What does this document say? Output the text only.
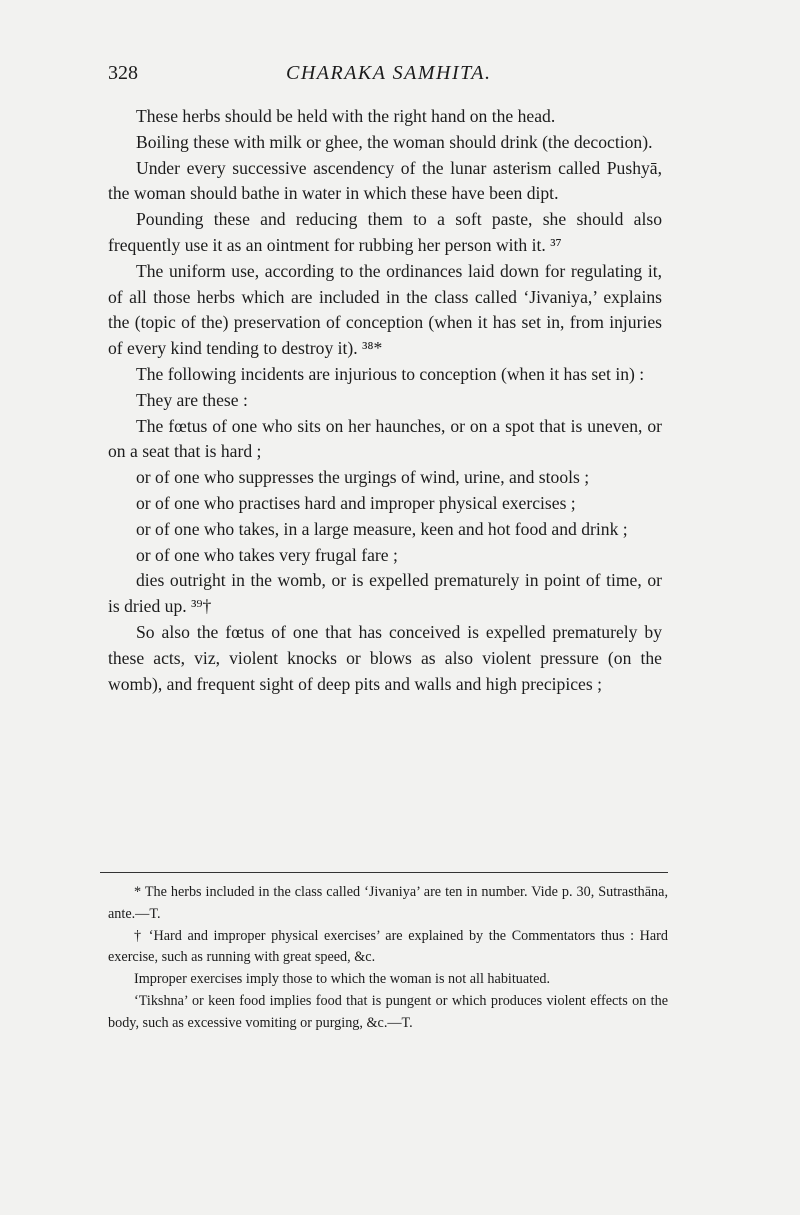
328	CHARAKA SAMHITA.

These herbs should be held with the right hand on the head.

Boiling these with milk or ghee, the woman should drink (the decoction).

Under every successive ascendency of the lunar asterism called Pushyā, the woman should bathe in water in which these have been dipt.

Pounding these and reducing them to a soft paste, she should also frequently use it as an ointment for rubbing her person with it. ³⁷

The uniform use, according to the ordinances laid down for regulating it, of all those herbs which are included in the class called ‘Jivaniya,’ explains the (topic of the) preservation of conception (when it has set in, from injuries of every kind tending to destroy it). ³⁸*

The following incidents are injurious to conception (when it has set in) :

They are these :

The fœtus of one who sits on her haunches, or on a spot that is uneven, or on a seat that is hard ;

or of one who suppresses the urgings of wind, urine, and stools ;

or of one who practises hard and improper physical exercises ;

or of one who takes, in a large measure, keen and hot food and drink ;

or of one who takes very frugal fare ;

dies outright in the womb, or is expelled prematurely in point of time, or is dried up. ³⁹†

So also the fœtus of one that has conceived is expelled prematurely by these acts, viz, violent knocks or blows as also violent pressure (on the womb), and frequent sight of deep pits and walls and high precipices ;

* The herbs included in the class called ‘Jivaniya’ are ten in number. Vide p. 30, Sutrasthāna, ante.—T.

† ‘Hard and improper physical exercises’ are explained by the Commentators thus : Hard exercise, such as running with great speed, &c.

Improper exercises imply those to which the woman is not all habituated.

‘Tikshna’ or keen food implies food that is pungent or which produces violent effects on the body, such as excessive vomiting or purging, &c.—T.
